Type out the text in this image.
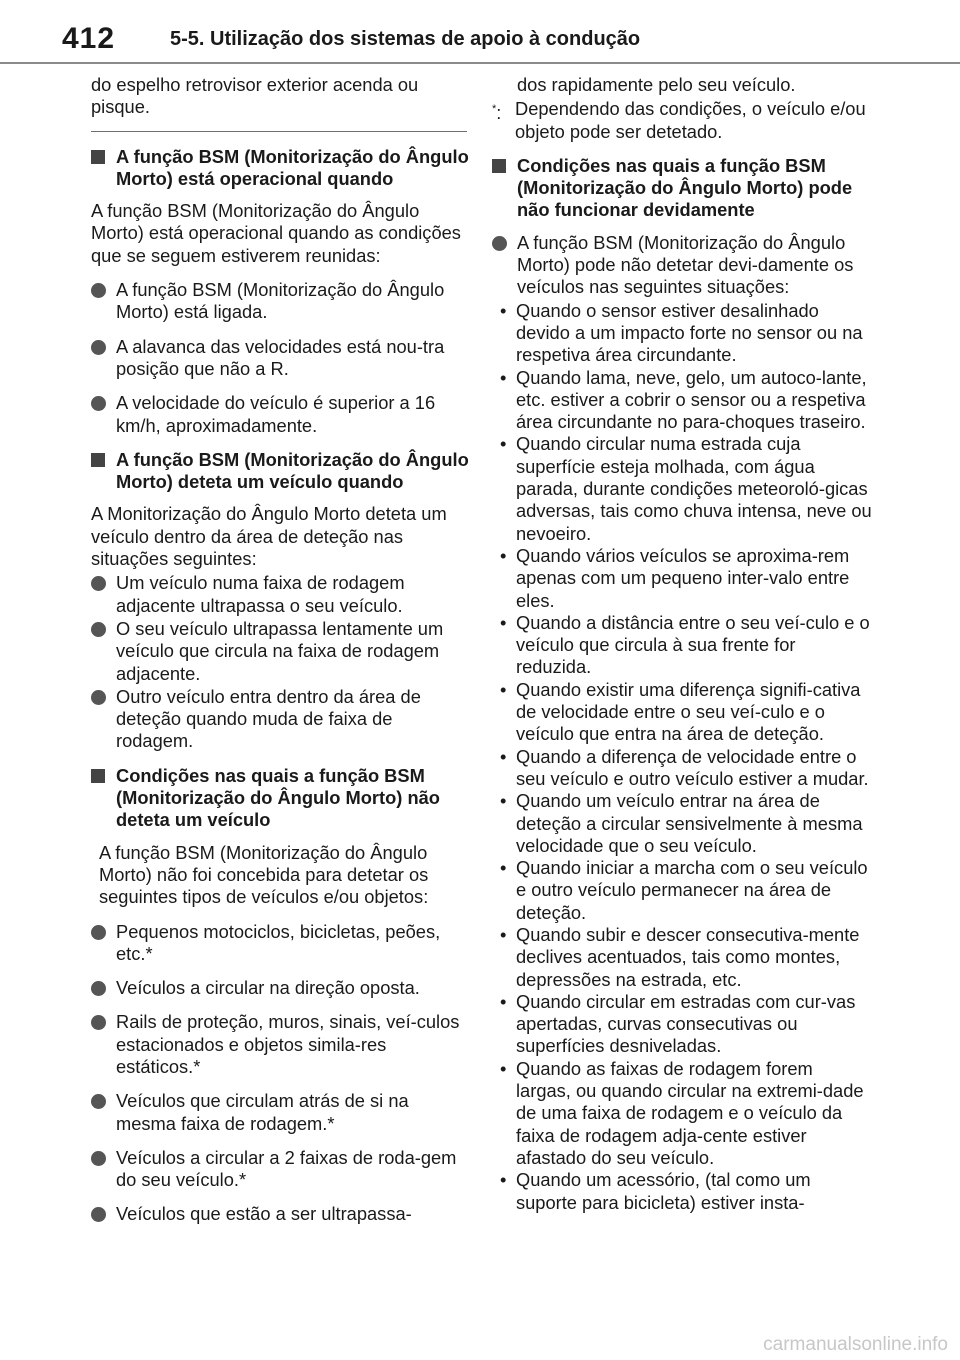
412	5-5. Utilização dos sistemas de apoio à condução
do espelho retrovisor exterior acenda ou pisque.
A função BSM (Monitorização do Ângulo Morto) está operacional quando
A função BSM (Monitorização do Ângulo Morto) está operacional quando as condições que se seguem estiverem reunidas:
A função BSM (Monitorização do Ângulo Morto) está ligada.
A alavanca das velocidades está nou-tra posição que não a R.
A velocidade do veículo é superior a 16 km/h, aproximadamente.
A função BSM (Monitorização do Ângulo Morto) deteta um veículo quando
A Monitorização do Ângulo Morto deteta um veículo dentro da área de deteção nas situações seguintes:
Um veículo numa faixa de rodagem adjacente ultrapassa o seu veículo.
O seu veículo ultrapassa lentamente um veículo que circula na faixa de rodagem adjacente.
Outro veículo entra dentro da área de deteção quando muda de faixa de rodagem.
Condições nas quais a função BSM (Monitorização do Ângulo Morto) não deteta um veículo
A função BSM (Monitorização do Ângulo Morto) não foi concebida para detetar os seguintes tipos de veículos e/ou objetos:
Pequenos motociclos, bicicletas, peões, etc.*
Veículos a circular na direção oposta.
Rails de proteção, muros, sinais, veí-culos estacionados e objetos simila-res estáticos.*
Veículos que circulam atrás de si na mesma faixa de rodagem.*
Veículos a circular a 2 faixas de roda-gem do seu veículo.*
Veículos que estão a ser ultrapassa-
dos rapidamente pelo seu veículo.
*: Dependendo das condições, o veículo e/ou objeto pode ser detetado.
Condições nas quais a função BSM (Monitorização do Ângulo Morto) pode não funcionar devidamente
A função BSM (Monitorização do Ângulo Morto) pode não detetar devi-damente os veículos nas seguintes situações:
• Quando o sensor estiver desalinhado devido a um impacto forte no sensor ou na respetiva área circundante.
• Quando lama, neve, gelo, um autoco-lante, etc. estiver a cobrir o sensor ou a respetiva área circundante no para-choques traseiro.
• Quando circular numa estrada cuja superfície esteja molhada, com água parada, durante condições meteoroló-gicas adversas, tais como chuva intensa, neve ou nevoeiro.
• Quando vários veículos se aproxima-rem apenas com um pequeno inter-valo entre eles.
• Quando a distância entre o seu veí-culo e o veículo que circula à sua frente for reduzida.
• Quando existir uma diferença signifi-cativa de velocidade entre o seu veí-culo e o veículo que entra na área de deteção.
• Quando a diferença de velocidade entre o seu veículo e outro veículo estiver a mudar.
• Quando um veículo entrar na área de deteção a circular sensivelmente à mesma velocidade que o seu veículo.
• Quando iniciar a marcha com o seu veículo e outro veículo permanecer na área de deteção.
• Quando subir e descer consecutiva-mente declives acentuados, tais como montes, depressões na estrada, etc.
• Quando circular em estradas com cur-vas apertadas, curvas consecutivas ou superfícies desniveladas.
• Quando as faixas de rodagem forem largas, ou quando circular na extremi-dade de uma faixa de rodagem e o veículo da faixa de rodagem adja-cente estiver afastado do seu veículo.
• Quando um acessório, (tal como um suporte para bicicleta) estiver insta-
carmanualsonline.info
